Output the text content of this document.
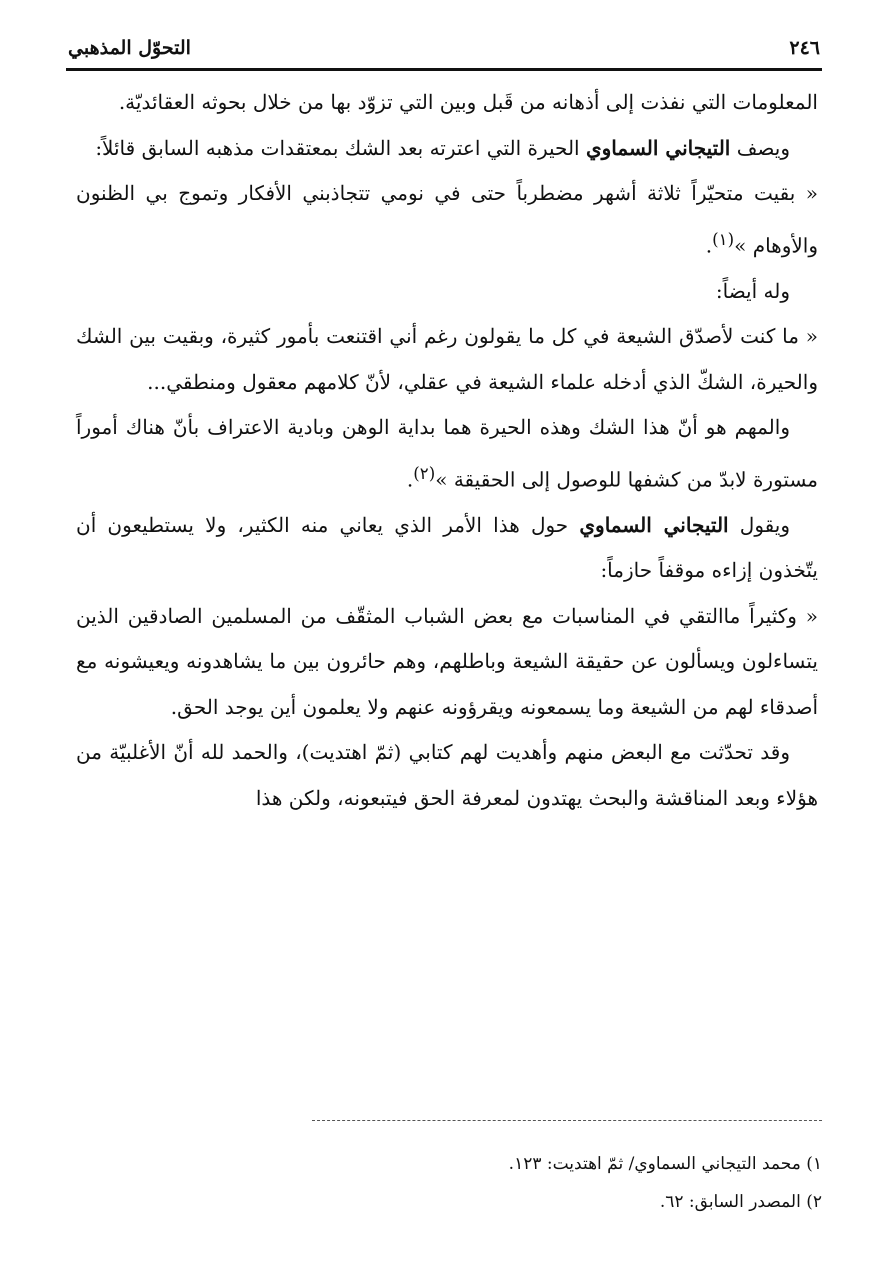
٢٤٦
التحوّل المذهبي

المعلومات التي نفذت إلى أذهانه من قَبل وبين التي تزوّد بها من خلال بحوثه العقائديّة.

ويصف التيجاني السماوي الحيرة التي اعترته بعد الشك بمعتقدات مذهبه السابق قائلاً:

« بقيت متحيّراً ثلاثة أشهر مضطرباً حتى في نومي تتجاذبني الأفكار وتموج بي الظنون والأوهام »$^{(١)}$.

وله أيضاً:

« ما كنت لأصدّق الشيعة في كل ما يقولون رغم أني اقتنعت بأمور كثيرة، وبقيت بين الشك والحيرة، الشكّ الذي أدخله علماء الشيعة في عقلي، لأنّ كلامهم معقول ومنطقي...

والمهم هو أنّ هذا الشك وهذه الحيرة هما بداية الوهن وبادية الاعتراف بأنّ هناك أموراً مستورة لابدّ من كشفها للوصول إلى الحقيقة »$^{(٢)}$.

ويقول التيجاني السماوي حول هذا الأمر الذي يعاني منه الكثير، ولا يستطيعون أن يتّخذون إزاءه موقفاً حازماً:

« وكثيراً ماالتقي في المناسبات مع بعض الشباب المثقّف من المسلمين الصادقين الذين يتساءلون ويسألون عن حقيقة الشيعة وباطلهم، وهم حائرون بين ما يشاهدونه ويعيشونه مع أصدقاء لهم من الشيعة وما يسمعونه ويقرؤونه عنهم ولا يعلمون أين يوجد الحق.

وقد تحدّثت مع البعض منهم وأهديت لهم كتابي (ثمّ اهتديت)، والحمد لله أنّ الأغلبيّة من هؤلاء وبعد المناقشة والبحث يهتدون لمعرفة الحق فيتبعونه، ولكن هذا

١) محمد التيجاني السماوي/ ثمّ اهتديت: ١٢٣.
٢) المصدر السابق: ٦٢.
